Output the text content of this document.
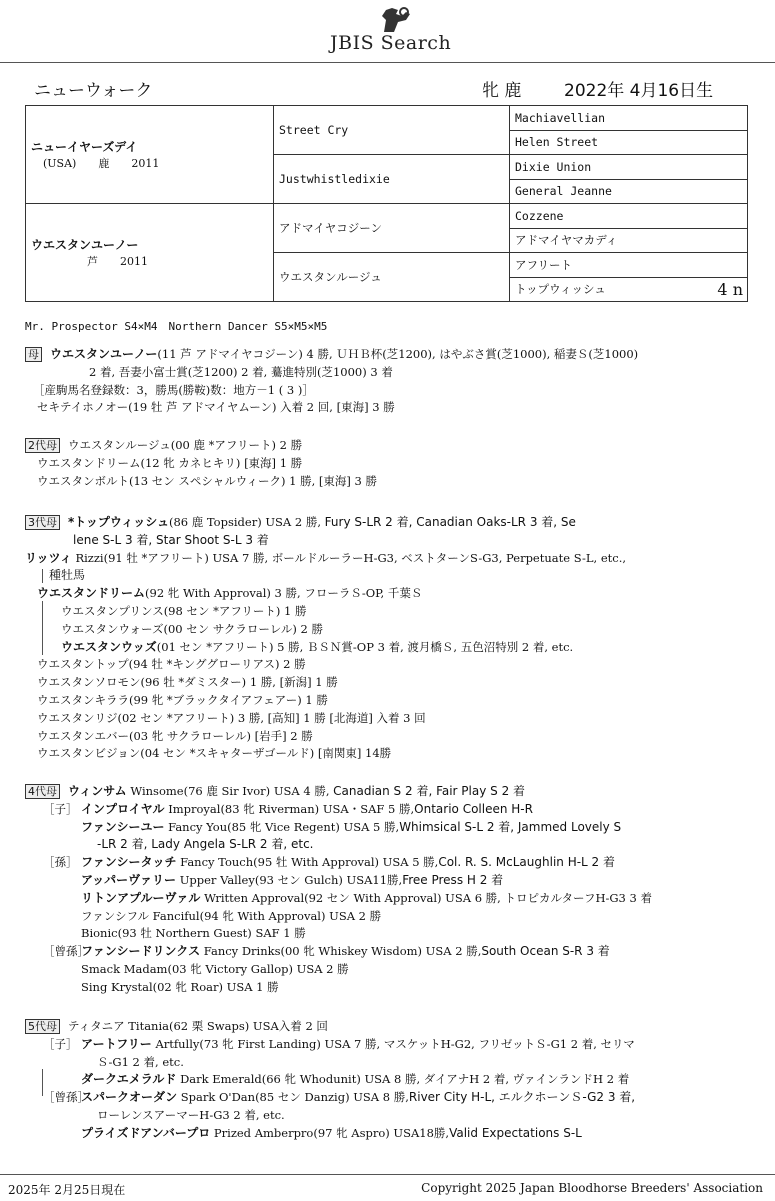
JBIS Search
ニューウォーク	牝 鹿	2022年 4月16日生
ニューイヤーズデイ
(USA)　　鹿　　2011	Street Cry	Machiavellian
		Helen Street
	Justwhistledixie	Dixie Union
		General Jeanne

ウエスタンユーノー
　　　　芦　　2011	アドマイヤコジーン	Cozzene
		アドマイヤマカディ
	ウエスタンルージュ	アフリート
		トップウィッシュ 4 n
Mr. Prospector S4×M4　Northern Dancer S5×M5×M5
母 ウエスタンユーノー(11 芦 アドマイヤコジーン) 4 勝, ＵＨＢ杯(芝1200), はやぶさ賞(芝1000), 稲妻Ｓ(芝1000)
2 着, 吾妻小富士賞(芝1200) 2 着, 驀進特別(芝1000) 3 着
［産駒馬名登録数：3，勝馬(勝鞍)数：地方－1 ( 3 )］
セキテイホノオー(19 牡 芦 アドマイヤムーン) 入着 2 回, [東海] 3 勝
2代母 ウエスタンルージュ(00 鹿 *アフリート) 2 勝
ウエスタンドリーム(12 牝 カネヒキリ) [東海] 1 勝
ウエスタンボルト(13 セン スペシャルウィーク) 1 勝, [東海] 3 勝
3代母 *トップウィッシュ(86 鹿 Topsider) USA 2 勝, Fury S-LR 2 着, Canadian Oaks-LR 3 着, Se
lene S-L 3 着, Star Shoot S-L 3 着
リッツィ Rizzi(91 牡 *アフリート) USA 7 勝, ボールドルーラーH-G3, ベストターンS-G3, Perpetuate S-L, etc.,
種牡馬
ウエスタンドリーム(92 牝 With Approval) 3 勝, フローラＳ-OP, 千葉Ｓ
ウエスタンプリンス(98 セン *アフリート) 1 勝
ウエスタンウォーズ(00 セン サクラローレル) 2 勝
ウエスタンウッズ(01 セン *アフリート) 5 勝, ＢＳＮ賞-OP 3 着, 渡月橋Ｓ, 五色沼特別 2 着, etc.
ウエスタントップ(94 牡 *キンググローリアス) 2 勝
ウエスタンソロモン(96 牡 *ダミスター) 1 勝, [新潟] 1 勝
ウエスタンキララ(99 牝 *ブラックタイアフェアー) 1 勝
ウエスタンリジ(02 セン *アフリート) 3 勝, [高知] 1 勝 [北海道] 入着 3 回
ウエスタンエバー(03 牝 サクラローレル) [岩手] 2 勝
ウエスタンビジョン(04 セン *スキャターザゴールド) [南関東] 14勝
4代母 ウィンサム Winsome(76 鹿 Sir Ivor) USA 4 勝, Canadian S 2 着, Fair Play S 2 着
［子］ インプロイヤル Improyal(83 牝 Riverman) USA・SAF 5 勝,Ontario Colleen H-R
ファンシーユー Fancy You(85 牝 Vice Regent) USA 5 勝,Whimsical S-L 2 着, Jammed Lovely S
-LR 2 着, Lady Angela S-LR 2 着, etc.
［孫］ ファンシータッチ Fancy Touch(95 牡 With Approval) USA 5 勝,Col. R. S. McLaughlin H-L 2 着
アッパーヴァリー Upper Valley(93 セン Gulch) USA11勝,Free Press H 2 着
リトンアプルーヴァル Written Approval(92 セン With Approval) USA 6 勝, トロピカルターフH-G3 3 着
ファンシフル Fanciful(94 牝 With Approval) USA 2 勝
Bionic(93 牡 Northern Guest) SAF 1 勝
［曾孫］ファンシードリンクス Fancy Drinks(00 牝 Whiskey Wisdom) USA 2 勝,South Ocean S-R 3 着
Smack Madam(03 牝 Victory Gallop) USA 2 勝
Sing Krystal(02 牝 Roar) USA 1 勝
5代母 ティタニア Titania(62 栗 Swaps) USA入着 2 回
［子］ アートフリー Artfully(73 牝 First Landing) USA 7 勝, マスケットH-G2, フリゼットＳ-G1 2 着, セリマ
Ｓ-G1 2 着, etc.
ダークエメラルド Dark Emerald(66 牝 Whodunit) USA 8 勝, ダイアナH 2 着, ヴァインランドH 2 着
［曾孫］スパークオーダン Spark O'Dan(85 セン Danzig) USA 8 勝,River City H-L, エルクホーンＳ-G2 3 着,
ローレンスアーマーH-G3 2 着, etc.
プライズドアンバープロ Prized Amberpro(97 牝 Aspro) USA18勝,Valid Expectations S-L
2025年 2月25日現在	Copyright 2025 Japan Bloodhorse Breeders' Association
